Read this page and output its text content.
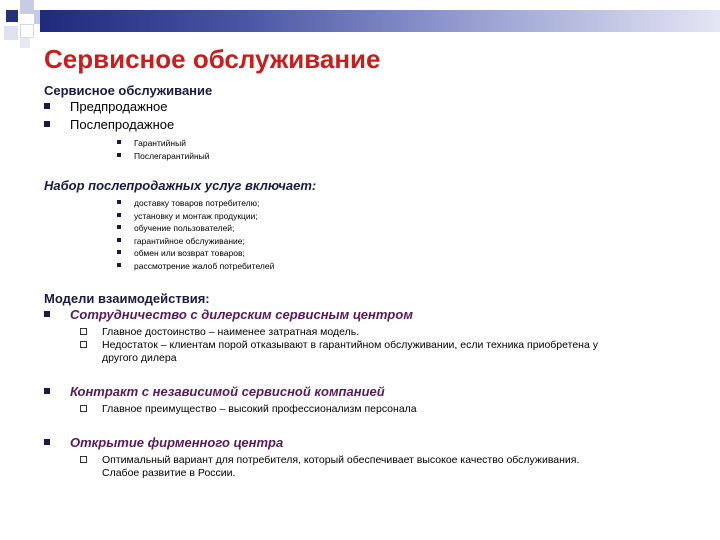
Сервисное обслуживание
Сервисное обслуживание
Предпродажное
Послепродажное
Гарантийный
Послегарантийный
Набор послепродажных услуг включает:
доставку товаров потребителю;
установку и монтаж продукции;
обучение пользователей;
гарантийное обслуживание;
обмен или возврат товаров;
рассмотрение жалоб потребителей
Модели взаимодействия:
Сотрудничество с дилерским сервисным центром
Главное достоинство – наименее затратная модель.
Недостаток – клиентам порой отказывают в гарантийном обслуживании, если техника приобретена у
другого дилера
Контракт с независимой сервисной компанией
Главное преимущество – высокий профессионализм персонала
Открытие фирменного центра
Оптимальный вариант для потребителя, который обеспечивает высокое качество обслуживания.
Слабое развитие в России.
